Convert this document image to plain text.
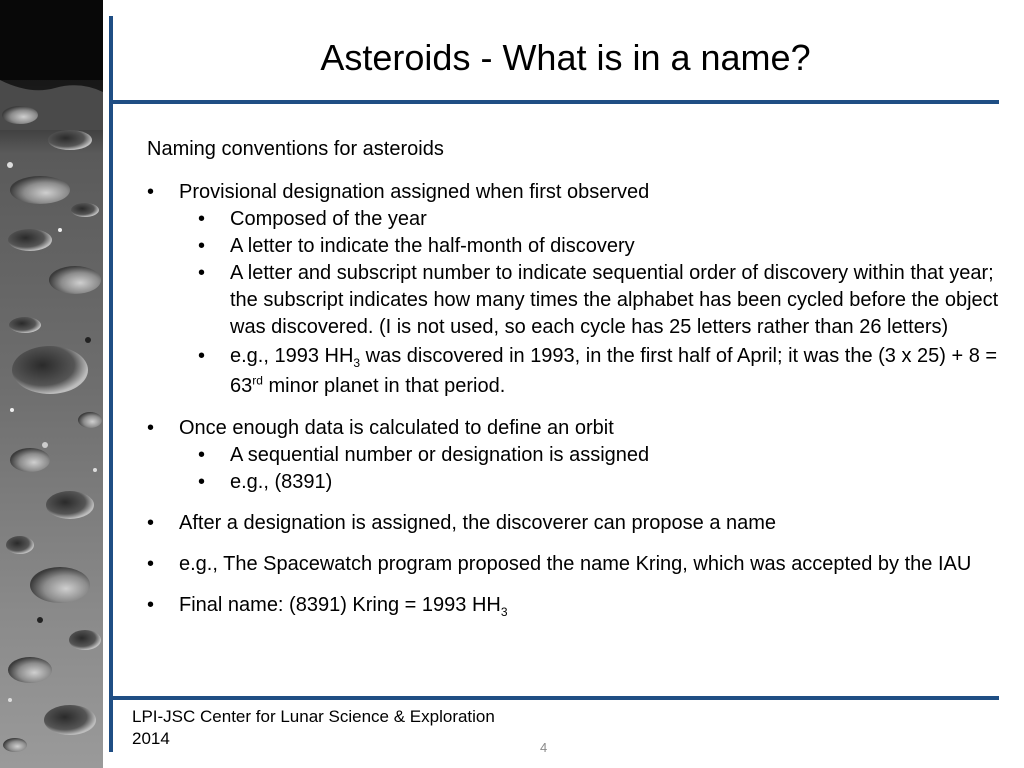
Asteroids - What is in a name?

Naming conventions for asteroids

• Provisional designation assigned when first observed
• Composed of the year
• A letter to indicate the half-month of discovery
• A letter and subscript number to indicate sequential order of discovery within that year; the subscript indicates how many times the alphabet has been cycled before the object was discovered. (I is not used, so each cycle has 25 letters rather than 26 letters)
• e.g., 1993 $HH_3$ was discovered in 1993, in the first half of April; it was the (3 x 25) + 8 = 63rd minor planet in that period.
• Once enough data is calculated to define an orbit
• A sequential number or designation is assigned
• e.g., (8391)
• After a designation is assigned, the discoverer can propose a name
• e.g., The Spacewatch program proposed the name Kring, which was accepted by the IAU
• Final name: (8391) Kring = 1993 $HH_3$
LPI-JSC Center for Lunar Science & Exploration
2014	4
